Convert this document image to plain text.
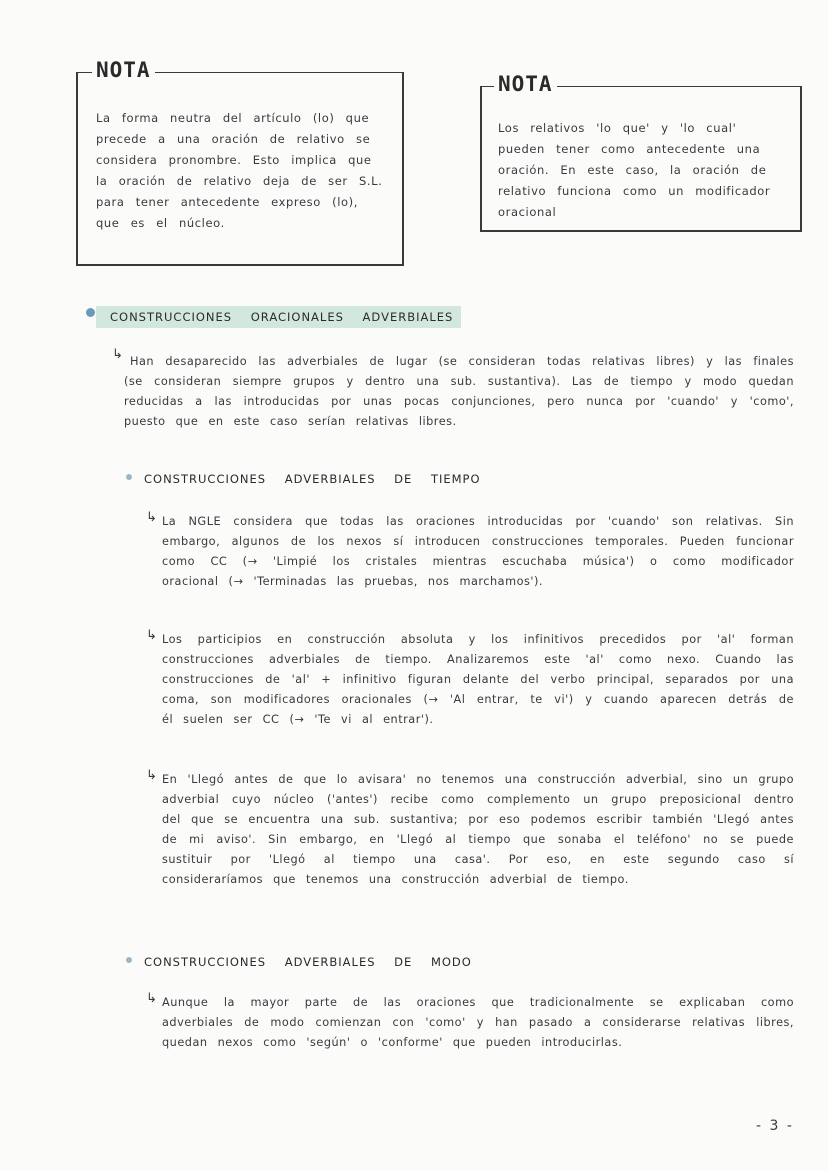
NOTA
La forma neutra del artículo (lo) que precede a una oración de relativo se considera pronombre. Esto implica que la oración de relativo deja de ser S.L. para tener antecedente expreso (lo), que es el núcleo.
NOTA
Los relativos 'lo que' y 'lo cual' pueden tener como antecedente una oración. En este caso, la oración de relativo funciona como un modificador oracional
CONSTRUCCIONES ORACIONALES ADVERBIALES
↳ Han desaparecido las adverbiales de lugar (se consideran todas relativas libres) y las finales (se consideran siempre grupos y dentro una sub. sustantiva). Las de tiempo y modo quedan reducidas a las introducidas por unas pocas conjunciones, pero nunca por 'cuando' y 'como', puesto que en este caso serían relativas libres.
CONSTRUCCIONES ADVERBIALES DE TIEMPO
↳ La NGLE considera que todas las oraciones introducidas por 'cuando' son relativas. Sin embargo, algunos de los nexos sí introducen construcciones temporales. Pueden funcionar como CC (→ 'Limpié los cristales mientras escuchaba música') o como modificador oracional (→ 'Terminadas las pruebas, nos marchamos').
↳ Los participios en construcción absoluta y los infinitivos precedidos por 'al' forman construcciones adverbiales de tiempo. Analizaremos este 'al' como nexo. Cuando las construcciones de 'al' + infinitivo figuran delante del verbo principal, separados por una coma, son modificadores oracionales (→ 'Al entrar, te vi') y cuando aparecen detrás de él suelen ser CC (→ 'Te vi al entrar').
↳ En 'Llegó antes de que lo avisara' no tenemos una construcción adverbial, sino un grupo adverbial cuyo núcleo ('antes') recibe como complemento un grupo preposicional dentro del que se encuentra una sub. sustantiva; por eso podemos escribir también 'Llegó antes de mi aviso'. Sin embargo, en 'Llegó al tiempo que sonaba el teléfono' no se puede sustituir por 'Llegó al tiempo una casa'. Por eso, en este segundo caso sí consideraríamos que tenemos una construcción adverbial de tiempo.
CONSTRUCCIONES ADVERBIALES DE MODO
↳ Aunque la mayor parte de las oraciones que tradicionalmente se explicaban como adverbiales de modo comienzan con 'como' y han pasado a considerarse relativas libres, quedan nexos como 'según' o 'conforme' que pueden introducirlas.
- 3 -
